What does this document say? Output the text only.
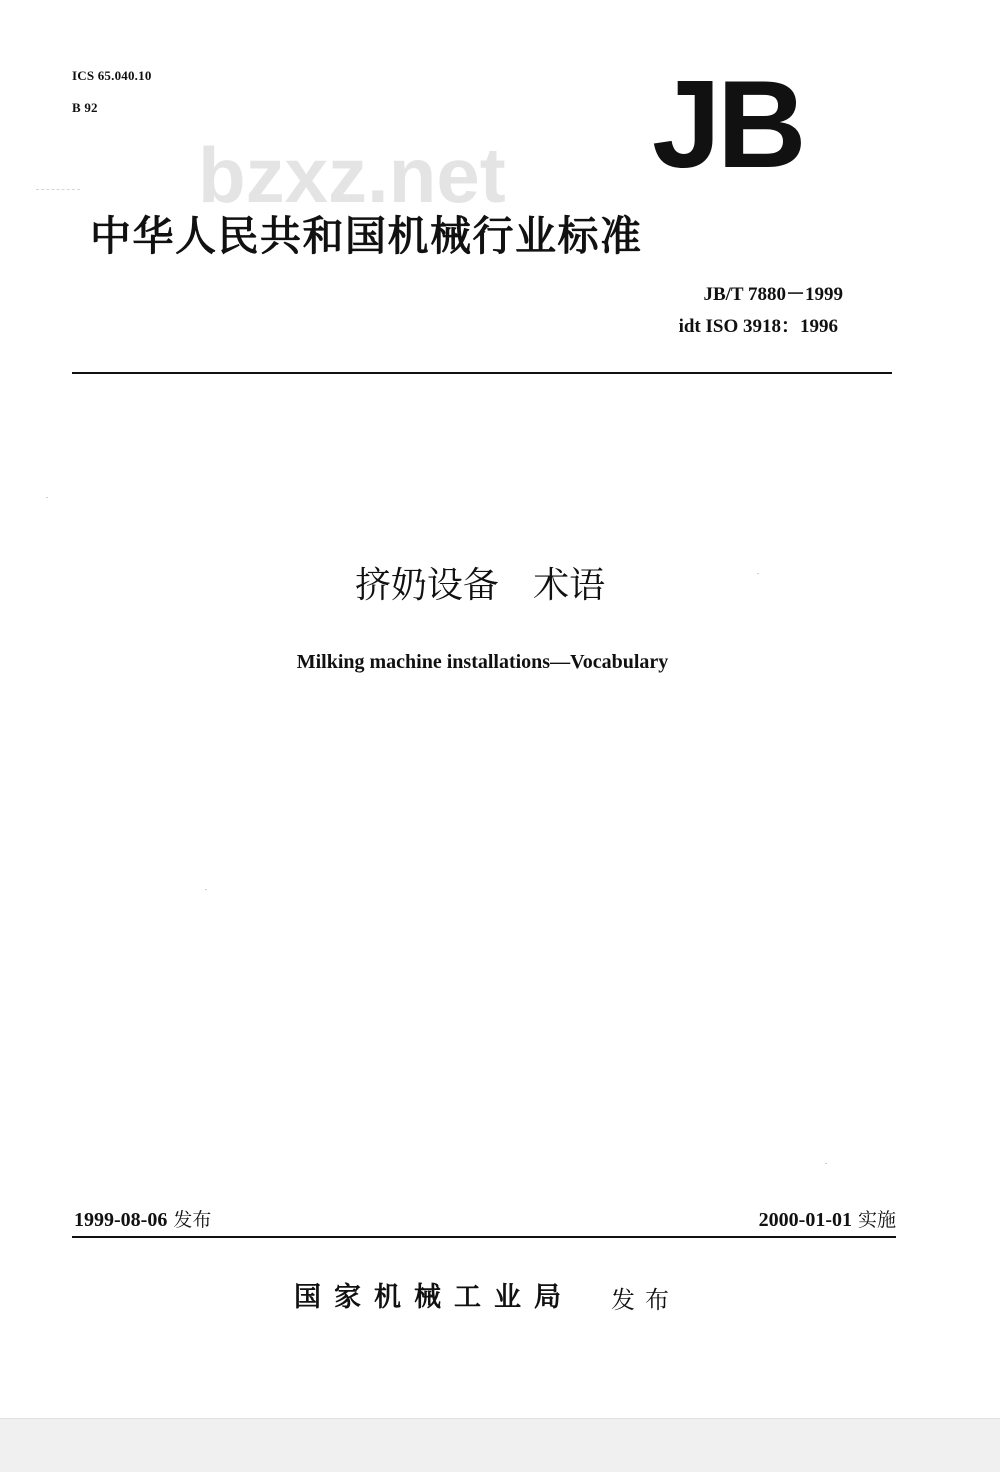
ICS 65.040.10
B 92
bzxz.net JB
中华人民共和国机械行业标准
JB/T 7880－1999
idt ISO 3918：1996
挤奶设备   术语
Milking machine installations—Vocabulary
1999-08-06 发布	2000-01-01 实施
国家机械工业局 发布
